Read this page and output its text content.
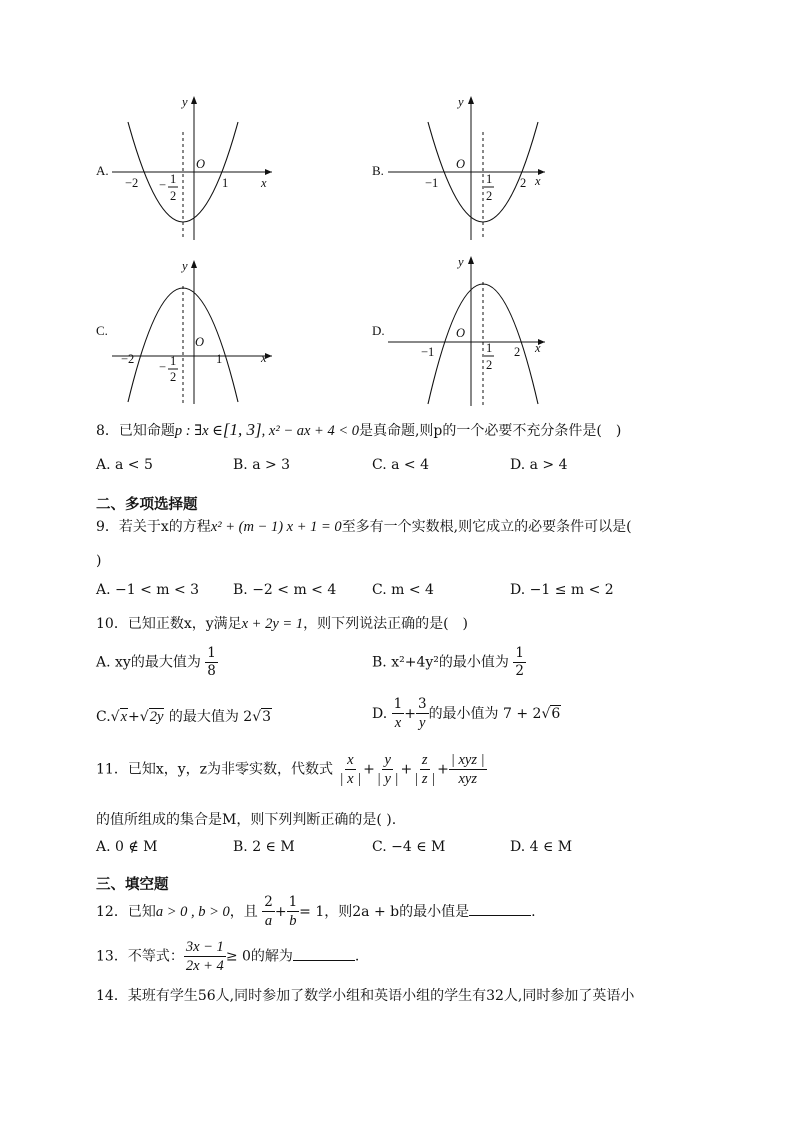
A.
y
x
O
−2	1
− 1
2
B.
y
x
O
−1	2
1
2
C.
y
x
O
−2	1
− 1
2
D.
y
x
O
−1	2
1
2
8．已知命题p : ∃x ∈[1, 3], x² − ax + 4 < 0是真命题,则p的一个必要不充分条件是(　)
A. a < 5	B. a > 3	C. a < 4	D. a > 4
二、多项选择题
9．若关于x的方程x² + (m − 1) x + 1 = 0至多有一个实数根,则它成立的必要条件可以是(
)
A. −1 < m < 3 B. −2 < m < 4	C. m < 4	D. −1 ≤ m < 2
10．已知正数x，y满足x + 2y = 1，则下列说法正确的是(　)
A. xy的最大值为 $\frac{1}{8}$	B. x²+4y²的最小值为 $\frac{1}{2}$
C.√x+√2y 的最大值为 2√3	D. $\frac{1}{x} + \frac{3}{y}$ 的最小值为 7 + 2√6
11．已知x，y，z为非零实数，代数式 $\frac{x}{| x |} + \frac{y}{| y |} + \frac{z}{| z |} + \frac{\text{| xyz |}}{\text{xyz}}$
的值所组成的集合是M，则下列判断正确的是( ).
A. 0 ∉ M	B. 2 ∈ M	C. −4 ∈ M	D. 4 ∈ M
三、填空题
12．已知a > 0 , b > 0，且 $\frac{2}{a} + \frac{1}{b} = 1$，则2a + b的最小值是	.
13．不等式： $\frac{3x - 1}{2x + 4} \ge 0$的解为	.
14．某班有学生56人,同时参加了数学小组和英语小组的学生有32人,同时参加了英语小
